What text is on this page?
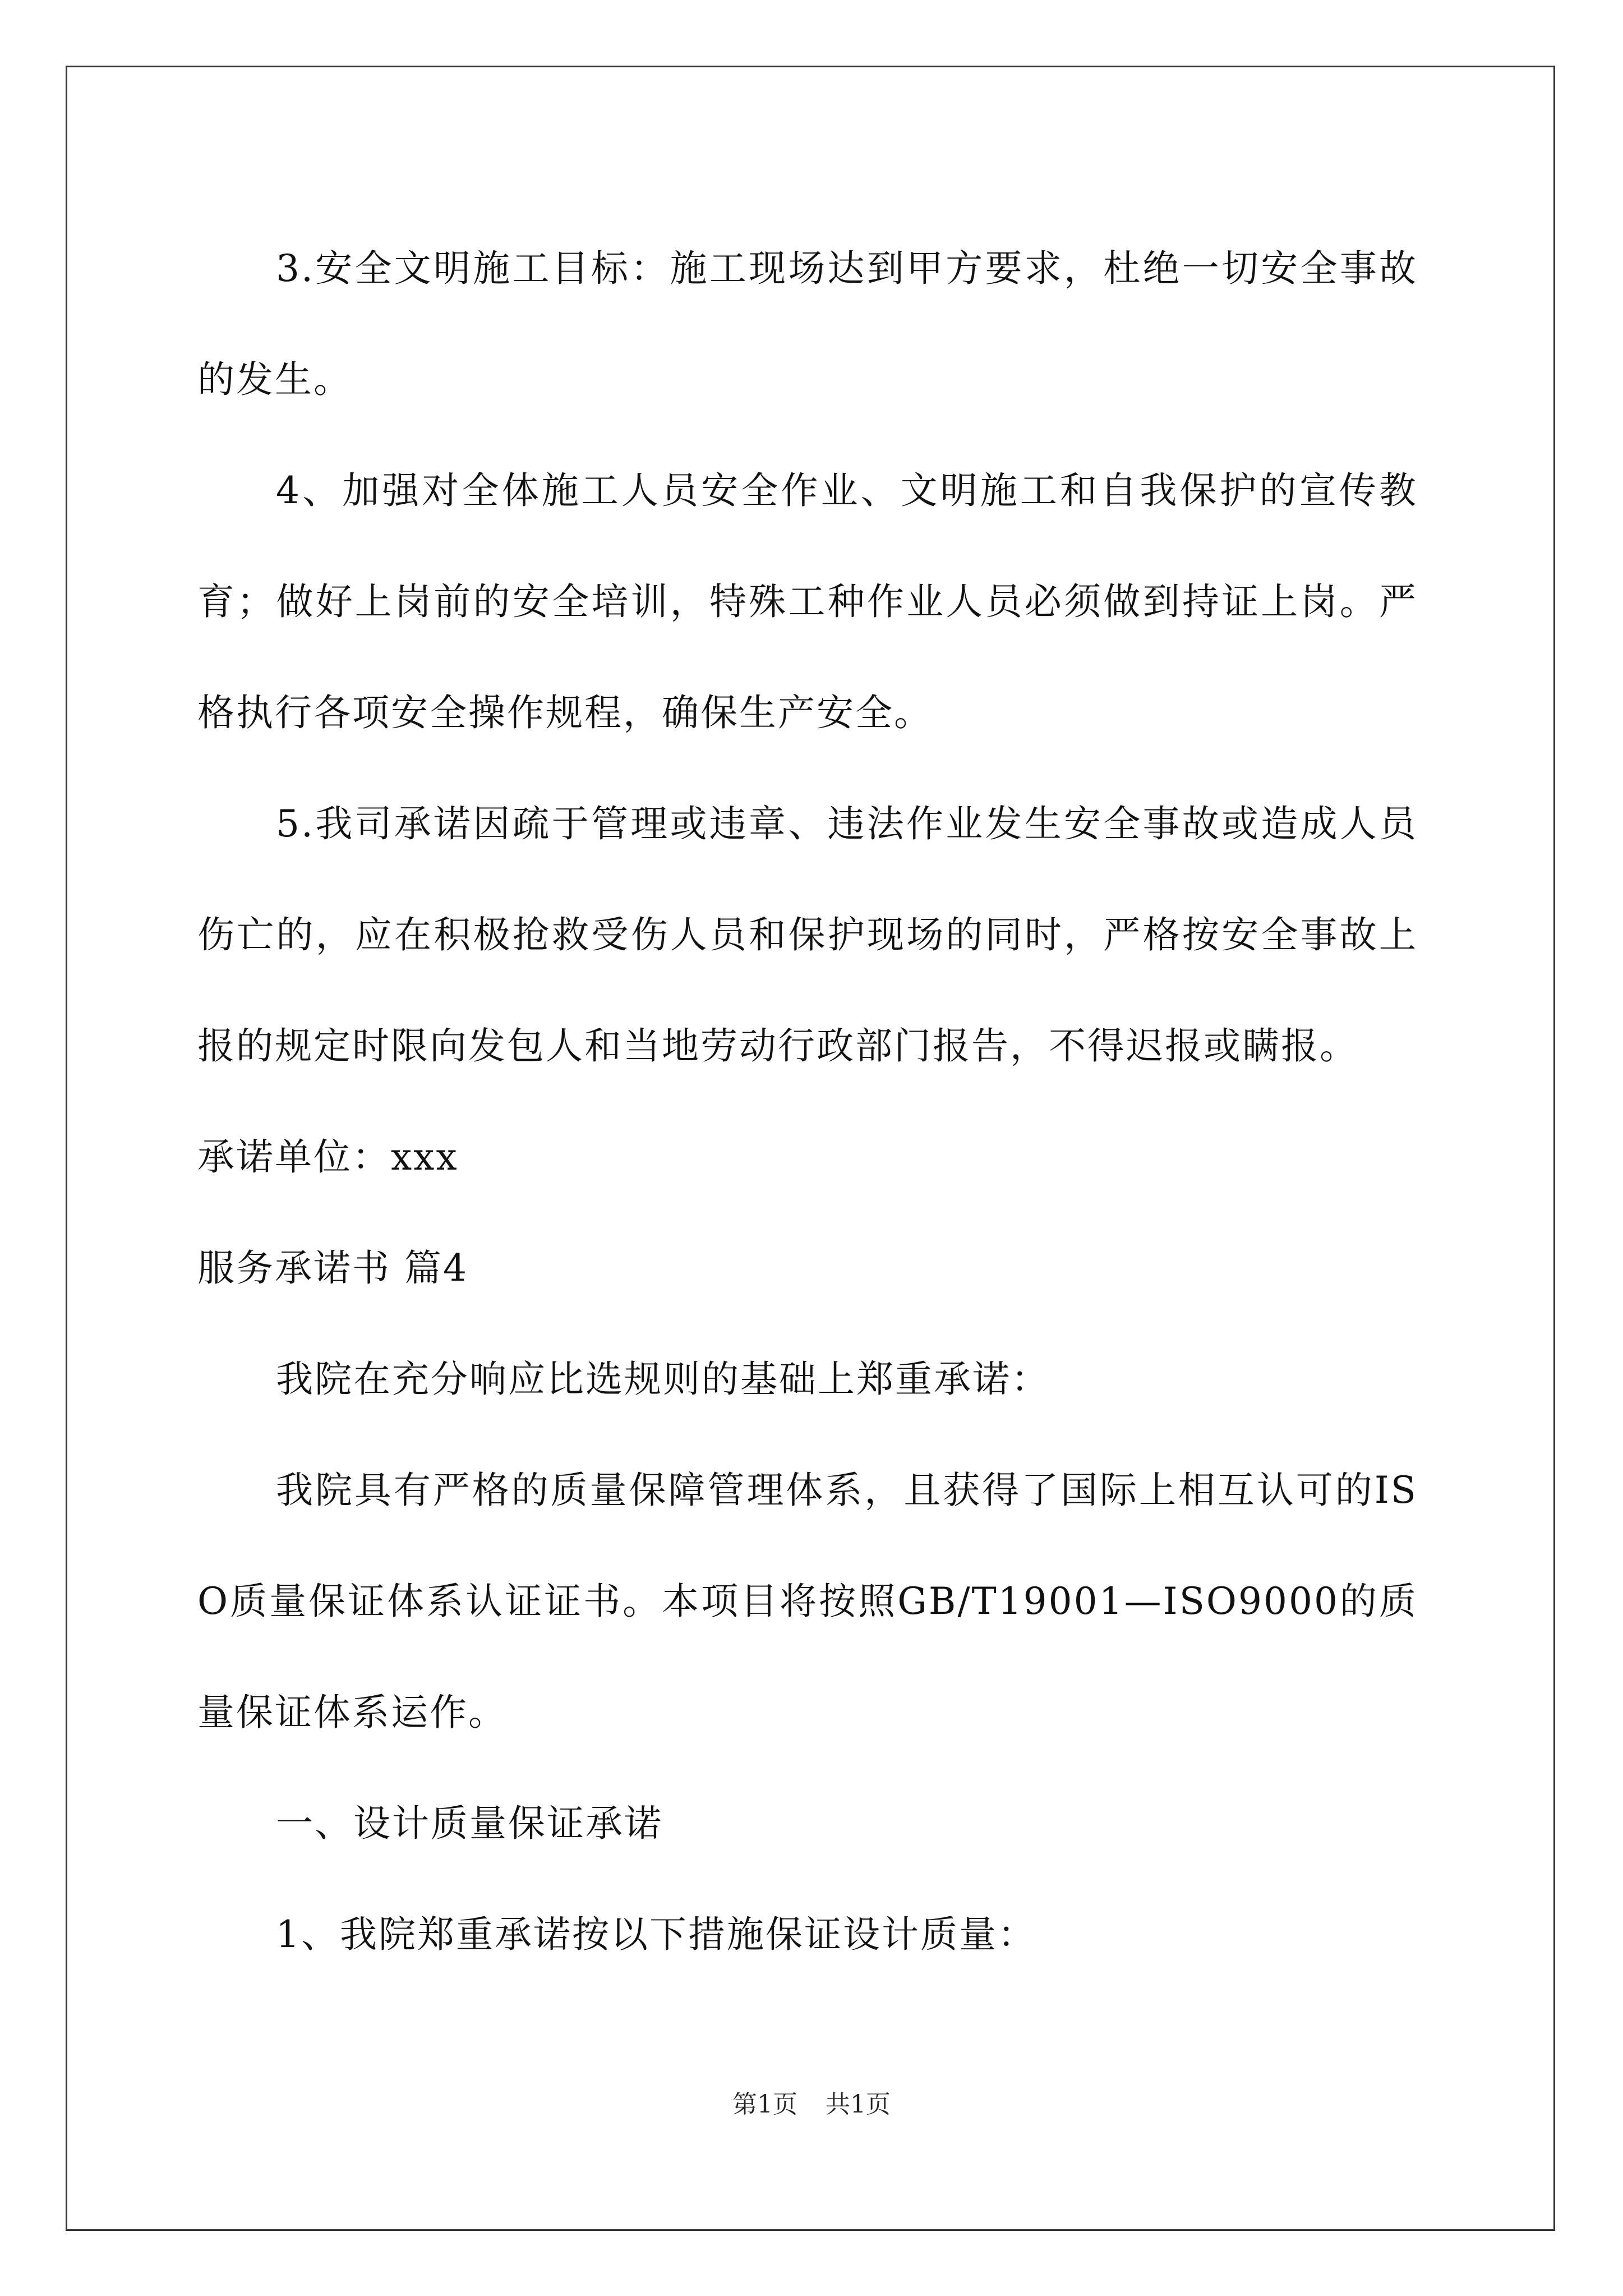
3.安全文明施工目标：施工现场达到甲方要求，杜绝一切安全事故的发生。

4、加强对全体施工人员安全作业、文明施工和自我保护的宣传教育；做好上岗前的安全培训，特殊工种作业人员必须做到持证上岗。严格执行各项安全操作规程，确保生产安全。

5.我司承诺因疏于管理或违章、违法作业发生安全事故或造成人员伤亡的，应在积极抢救受伤人员和保护现场的同时，严格按安全事故上报的规定时限向发包人和当地劳动行政部门报告，不得迟报或瞒报。

承诺单位：xxx

服务承诺书 篇4

我院在充分响应比选规则的基础上郑重承诺：

我院具有严格的质量保障管理体系，且获得了国际上相互认可的ISO质量保证体系认证证书。本项目将按照GB/T19001—ISO9000的质量保证体系运作。

一、设计质量保证承诺

1、我院郑重承诺按以下措施保证设计质量：

第1页 共1页
